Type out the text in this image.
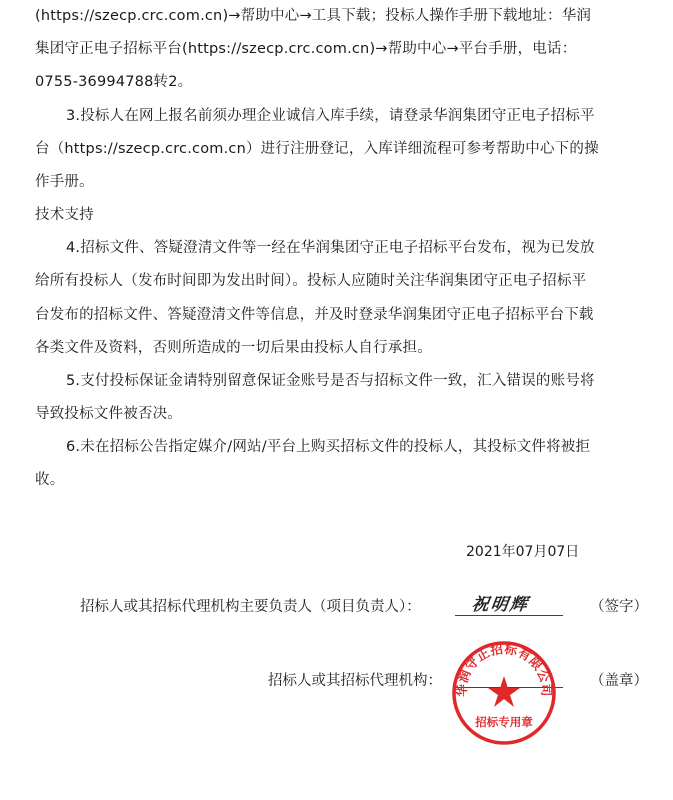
(https://szecp.crc.com.cn)→帮助中心→工具下载；投标人操作手册下载地址：华润
集团守正电子招标平台(https://szecp.crc.com.cn)→帮助中心→平台手册，电话：
0755-36994788转2。
3.投标人在网上报名前须办理企业诚信入库手续，请登录华润集团守正电子招标平
台（https://szecp.crc.com.cn）进行注册登记，入库详细流程可参考帮助中心下的操
作手册。
技术支持
4.招标文件、答疑澄清文件等一经在华润集团守正电子招标平台发布，视为已发放
给所有投标人（发布时间即为发出时间）。投标人应随时关注华润集团守正电子招标平
台发布的招标文件、答疑澄清文件等信息，并及时登录华润集团守正电子招标平台下载
各类文件及资料，否则所造成的一切后果由投标人自行承担。
5.支付投标保证金请特别留意保证金账号是否与招标文件一致，汇入错误的账号将
导致投标文件被否决。
6.未在招标公告指定媒介/网站/平台上购买招标文件的投标人，其投标文件将被拒
收。
2021年07月07日
招标人或其招标代理机构主要负责人（项目负责人）：	祝明辉	（签字）
招标人或其招标代理机构：	（盖章）
华润守正招标有限公司
招标专用章
